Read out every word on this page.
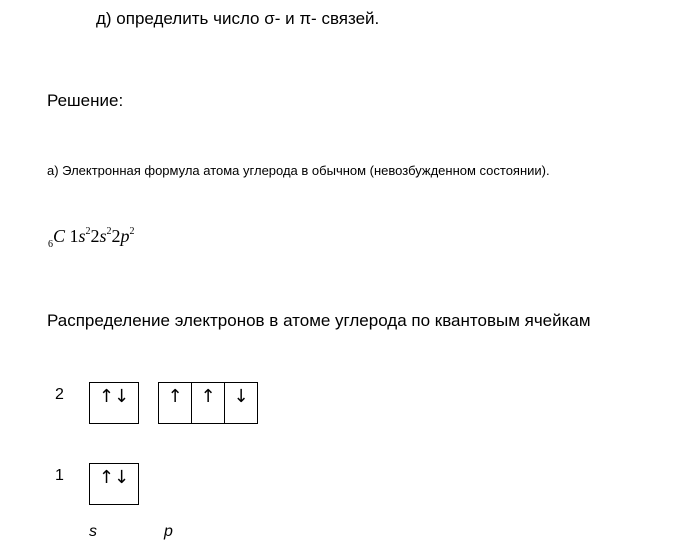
д) определить число σ- и π- связей.
Решение:
а) Электронная формула атома углерода в обычном (невозбужденном состоянии).
$_6$C $1s^22s^22p^2$
Распределение электронов в атоме углерода по квантовым ячейкам
2	↑↓	↑ ↑ ↓
1	↑↓
s	p
